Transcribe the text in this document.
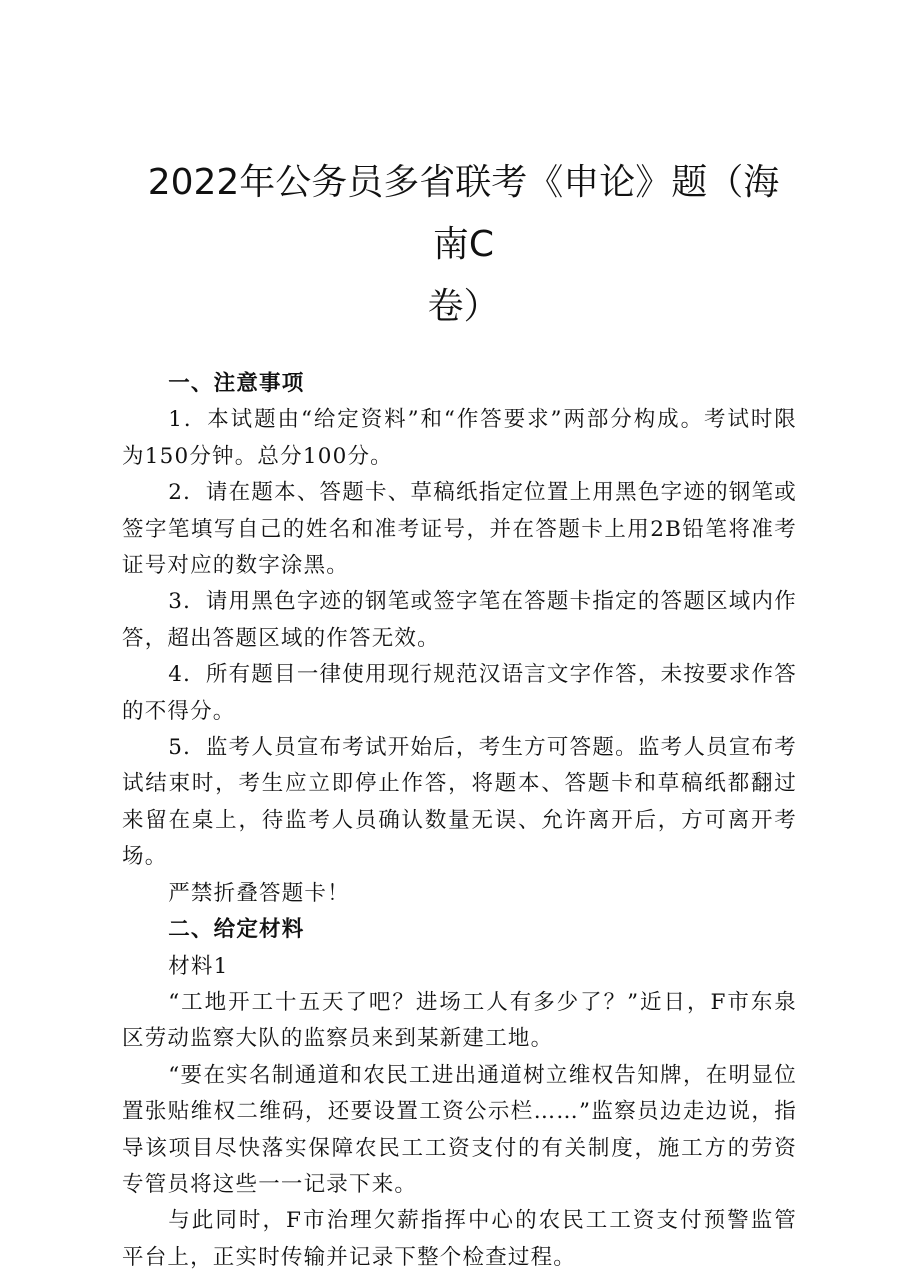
2022年公务员多省联考《申论》题（海南C
卷）

一、注意事项

1．本试题由“给定资料”和“作答要求”两部分构成。考试时限为150分钟。总分100分。

2．请在题本、答题卡、草稿纸指定位置上用黑色字迹的钢笔或签字笔填写自己的姓名和准考证号，并在答题卡上用2B铅笔将准考证号对应的数字涂黑。

3．请用黑色字迹的钢笔或签字笔在答题卡指定的答题区域内作答，超出答题区域的作答无效。

4．所有题目一律使用现行规范汉语言文字作答，未按要求作答的不得分。

5．监考人员宣布考试开始后，考生方可答题。监考人员宣布考试结束时，考生应立即停止作答，将题本、答题卡和草稿纸都翻过来留在桌上，待监考人员确认数量无误、允许离开后，方可离开考场。

严禁折叠答题卡！

二、给定材料

材料1

“工地开工十五天了吧？进场工人有多少了？”近日，F市东泉区劳动监察大队的监察员来到某新建工地。

“要在实名制通道和农民工进出通道树立维权告知牌，在明显位置张贴维权二维码，还要设置工资公示栏……”监察员边走边说，指导该项目尽快落实保障农民工工资支付的有关制度，施工方的劳资专管员将这些一一记录下来。

与此同时，F市治理欠薪指挥中心的农民工工资支付预警监管平台上，正实时传输并记录下整个检查过程。
